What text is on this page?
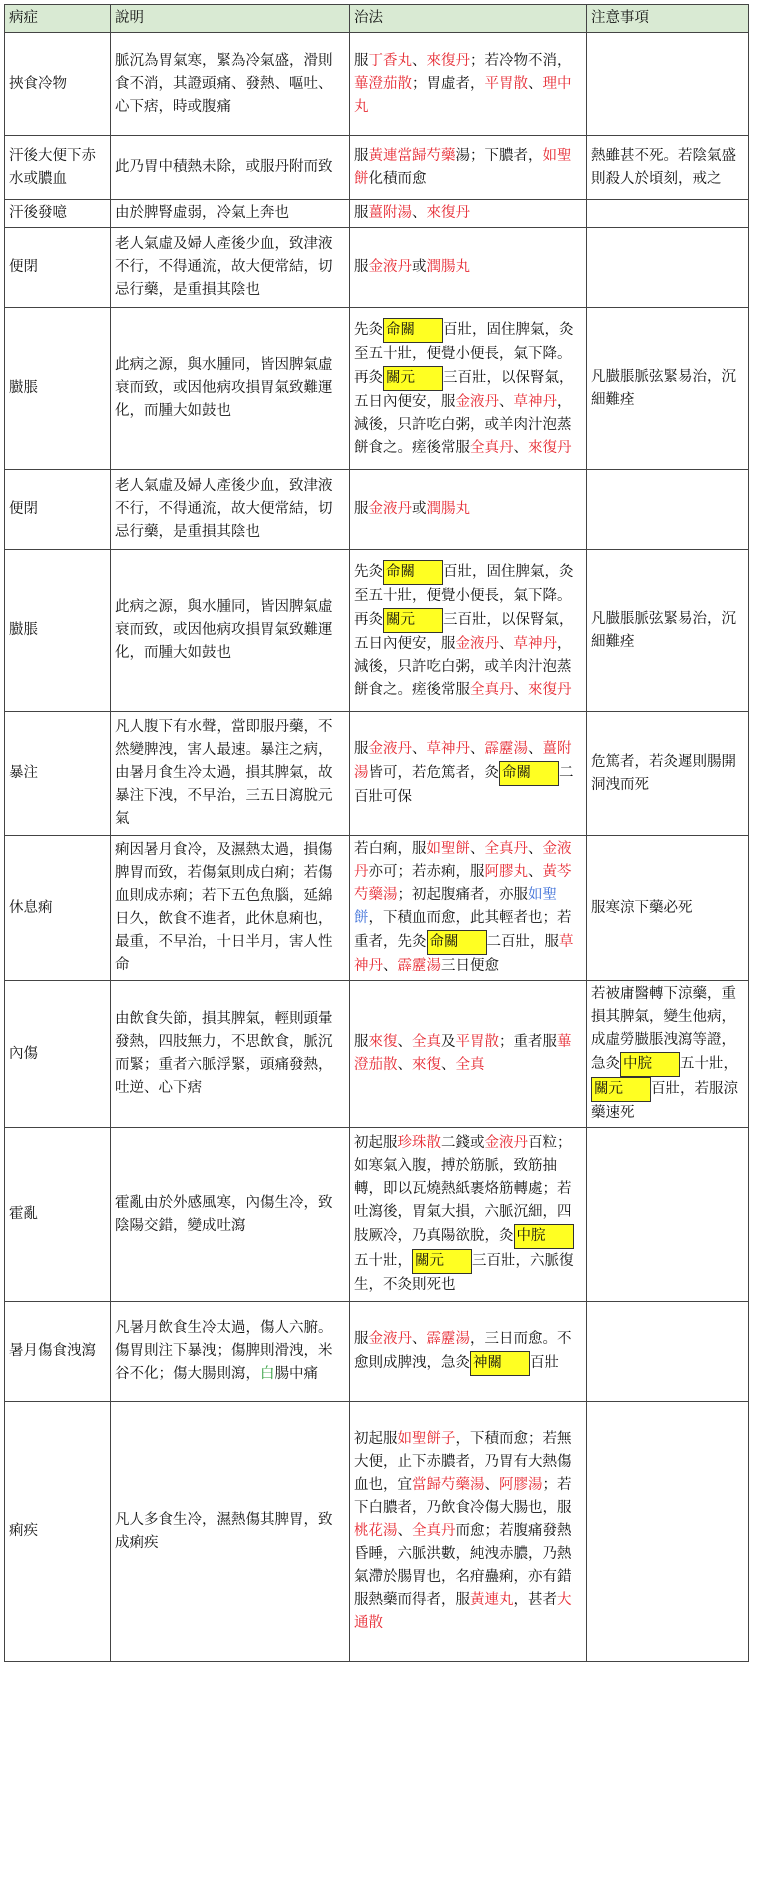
病症	說明	治法	注意事項
挾食冷物	脈沉為胃氣寒，緊為冷氣盛，滑則食不消，其證頭痛、發熱、嘔吐、心下痞，時或腹痛	服丁香丸、來復丹；若冷物不消，蓽澄茄散；胃虛者，平胃散、理中丸	
汗後大便下赤水或膿血	此乃胃中積熱未除，或服丹附而致	服黃連當歸芍藥湯；下膿者，如聖餅化積而愈	熱雖甚不死。若陰氣盛則殺人於頃刻，戒之
汗後發噫	由於脾腎虛弱，冷氣上奔也	服薑附湯、來復丹	
便閉	老人氣虛及婦人產後少血，致津液不行，不得通流，故大便常結，切忌行藥，是重損其陰也	服金液丹或潤腸丸	
臌脹	此病之源，與水腫同，皆因脾氣虛衰而致，或因他病攻損胃氣致難運化，而腫大如鼓也	先灸 命關 百壯，固住脾氣，灸至五十壯，便覺小便長，氣下降。再灸 關元 三百壯，以保腎氣，五日內便安，服金液丹、草神丹，減後，只許吃白粥，或羊肉汁泡蒸餅食之。瘥後常服全真丹、來復丹	凡臌脹脈弦緊易治，沉細難痊
便閉	老人氣虛及婦人產後少血，致津液不行，不得通流，故大便常結，切忌行藥，是重損其陰也	服金液丹或潤腸丸	
臌脹	此病之源，與水腫同，皆因脾氣虛衰而致，或因他病攻損胃氣致難運化，而腫大如鼓也	先灸 命關 百壯，固住脾氣，灸至五十壯，便覺小便長，氣下降。再灸 關元 三百壯，以保腎氣，五日內便安，服金液丹、草神丹，減後，只許吃白粥，或羊肉汁泡蒸餅食之。瘥後常服全真丹、來復丹	凡臌脹脈弦緊易治，沉細難痊
暴注	凡人腹下有水聲，當即服丹藥，不然變脾洩，害人最速。暴注之病，由暑月食生冷太過，損其脾氣，故暴注下洩，不早治，三五日瀉脫元氣	服金液丹、草神丹、霹靂湯、薑附湯皆可，若危篤者，灸 命關 二百壯可保	危篤者，若灸遲則腸開洞洩而死
休息痢	痢因暑月食冷，及濕熱太過，損傷脾胃而致，若傷氣則成白痢；若傷血則成赤痢；若下五色魚腦，延綿日久，飲食不進者，此休息痢也，最重，不早治，十日半月，害人性命	若白痢，服如聖餅、全真丹、金液丹亦可；若赤痢，服阿膠丸、黃芩芍藥湯；初起腹痛者，亦服如聖餅，下積血而愈，此其輕者也；若重者，先灸 命關 二百壯，服草神丹、霹靂湯三日便愈	服寒涼下藥必死
內傷	由飲食失節，損其脾氣，輕則頭暈發熱，四肢無力，不思飲食，脈沉而緊；重者六脈浮緊，頭痛發熱，吐逆、心下痞	服來復、全真及平胃散；重者服蓽澄茄散、來復、全真	若被庸醫轉下涼藥，重損其脾氣，變生他病，成虛勞臌脹洩瀉等證，急灸 中脘 五十壯，關元 百壯，若服涼藥速死
霍亂	霍亂由於外感風寒，內傷生冷，致陰陽交錯，變成吐瀉	初起服珍珠散二錢或金液丹百粒；如寒氣入腹，搏於筋脈，致筋抽轉，即以瓦燒熱紙裹烙筋轉處；若吐瀉後，胃氣大損，六脈沉細，四肢厥冷，乃真陽欲脫，灸 中脘五十壯， 關元 三百壯，六脈復生，不灸則死也	
暑月傷食洩瀉	凡暑月飲食生冷太過，傷人六腑。傷胃則注下暴洩；傷脾則滑洩，米谷不化；傷大腸則瀉，白腸中痛	服金液丹、霹靂湯，三日而愈。不愈則成脾洩，急灸 神關 百壯	
痢疾	凡人多食生冷，濕熱傷其脾胃，致成痢疾	初起服如聖餅子，下積而愈；若無大便，止下赤膿者，乃胃有大熱傷血也，宜當歸芍藥湯、阿膠湯；若下白膿者，乃飲食冷傷大腸也，服桃花湯、全真丹而愈；若腹痛發熱昏睡，六脈洪數，純洩赤膿，乃熱氣滯於腸胃也，名疳蠱痢，亦有錯服熱藥而得者，服黃連丸，甚者大通散	
